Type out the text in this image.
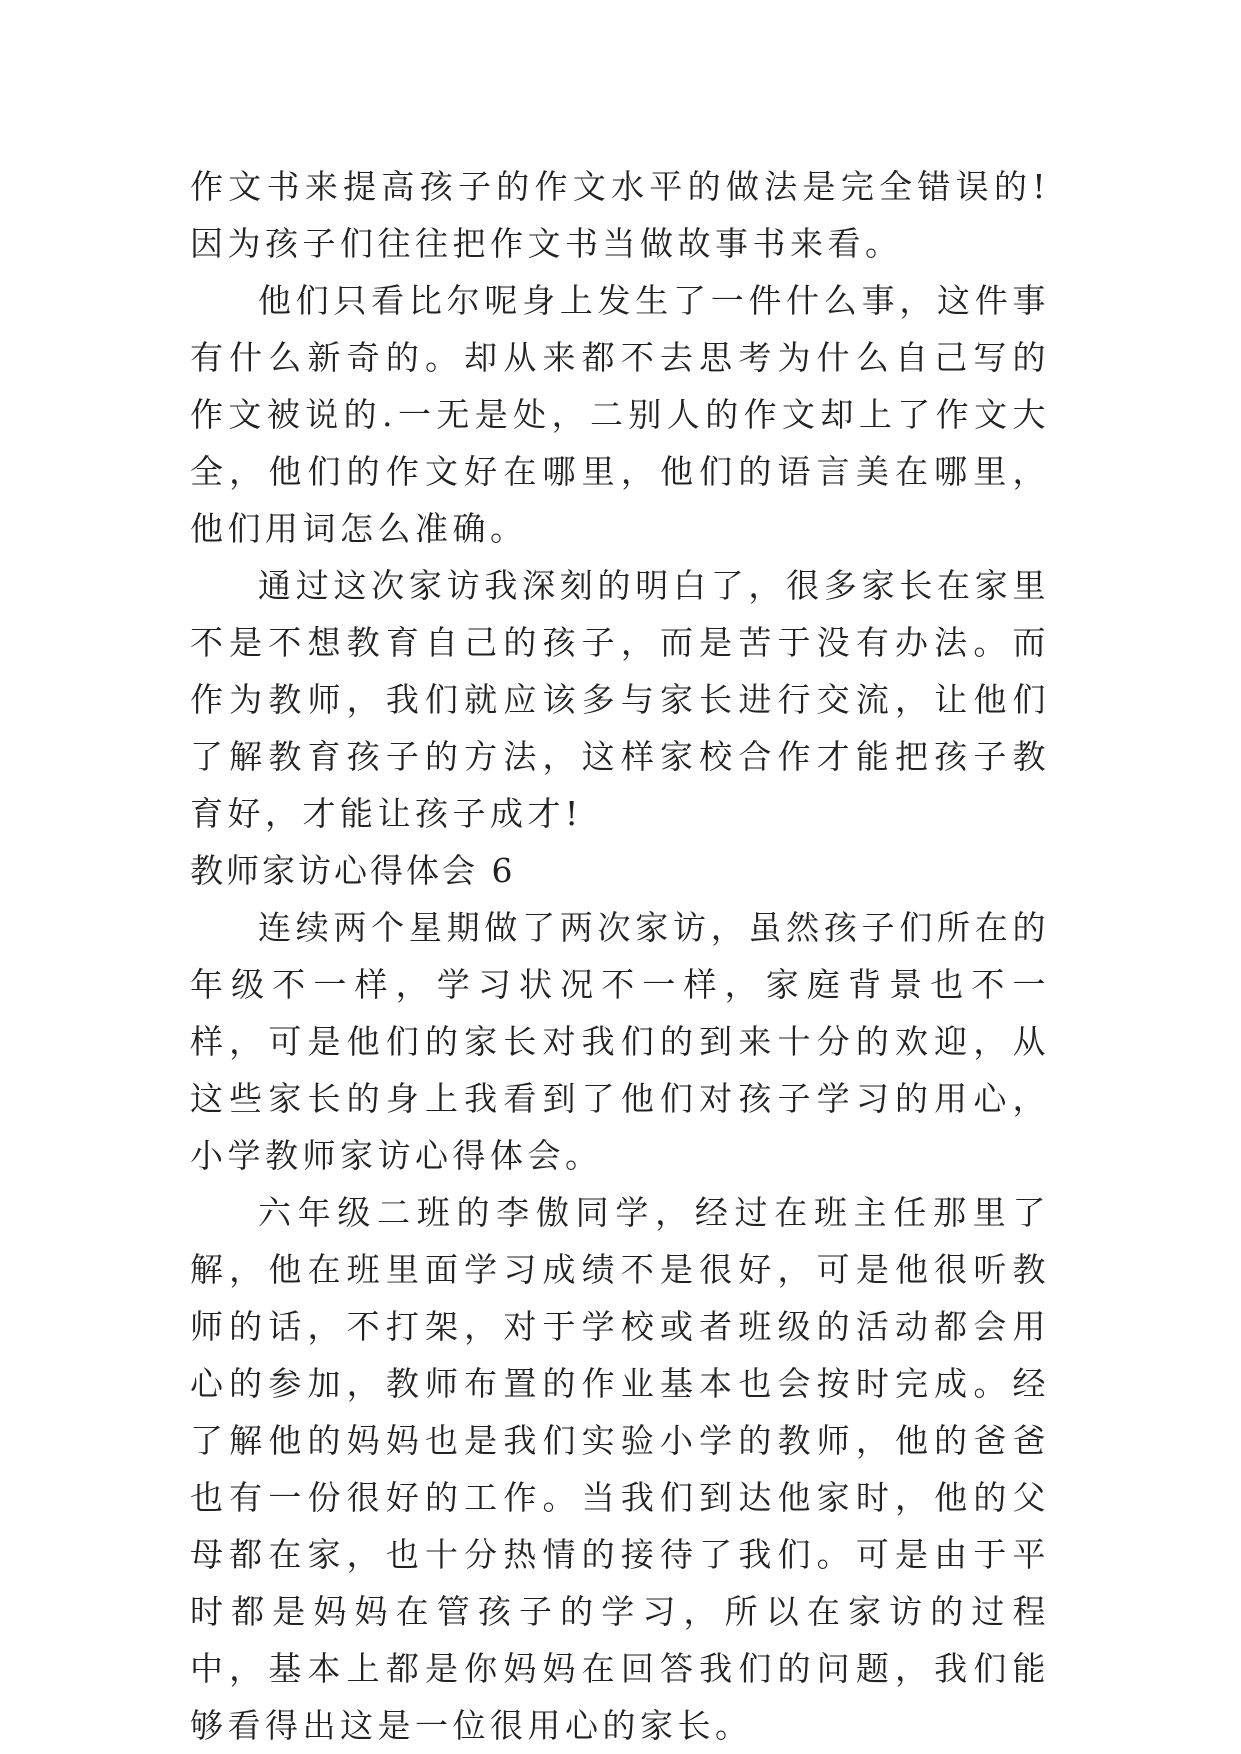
作文书来提高孩子的作文水平的做法是完全错误的!因为孩子们往往把作文书当做故事书来看。

他们只看比尔呢身上发生了一件什么事，这件事有什么新奇的。却从来都不去思考为什么自己写的作文被说的.一无是处，二别人的作文却上了作文大全，他们的作文好在哪里，他们的语言美在哪里，他们用词怎么准确。

通过这次家访我深刻的明白了，很多家长在家里不是不想教育自己的孩子，而是苦于没有办法。而作为教师，我们就应该多与家长进行交流，让他们了解教育孩子的方法，这样家校合作才能把孩子教育好，才能让孩子成才!

教师家访心得体会 6

连续两个星期做了两次家访，虽然孩子们所在的年级不一样，学习状况不一样，家庭背景也不一样，可是他们的家长对我们的到来十分的欢迎，从这些家长的身上我看到了他们对孩子学习的用心，小学教师家访心得体会。

六年级二班的李傲同学，经过在班主任那里了解，他在班里面学习成绩不是很好，可是他很听教师的话，不打架，对于学校或者班级的活动都会用心的参加，教师布置的作业基本也会按时完成。经了解他的妈妈也是我们实验小学的教师，他的爸爸也有一份很好的工作。当我们到达他家时，他的父母都在家，也十分热情的接待了我们。可是由于平时都是妈妈在管孩子的学习，所以在家访的过程中，基本上都是你妈妈在回答我们的问题，我们能够看得出这是一位很用心的家长。
